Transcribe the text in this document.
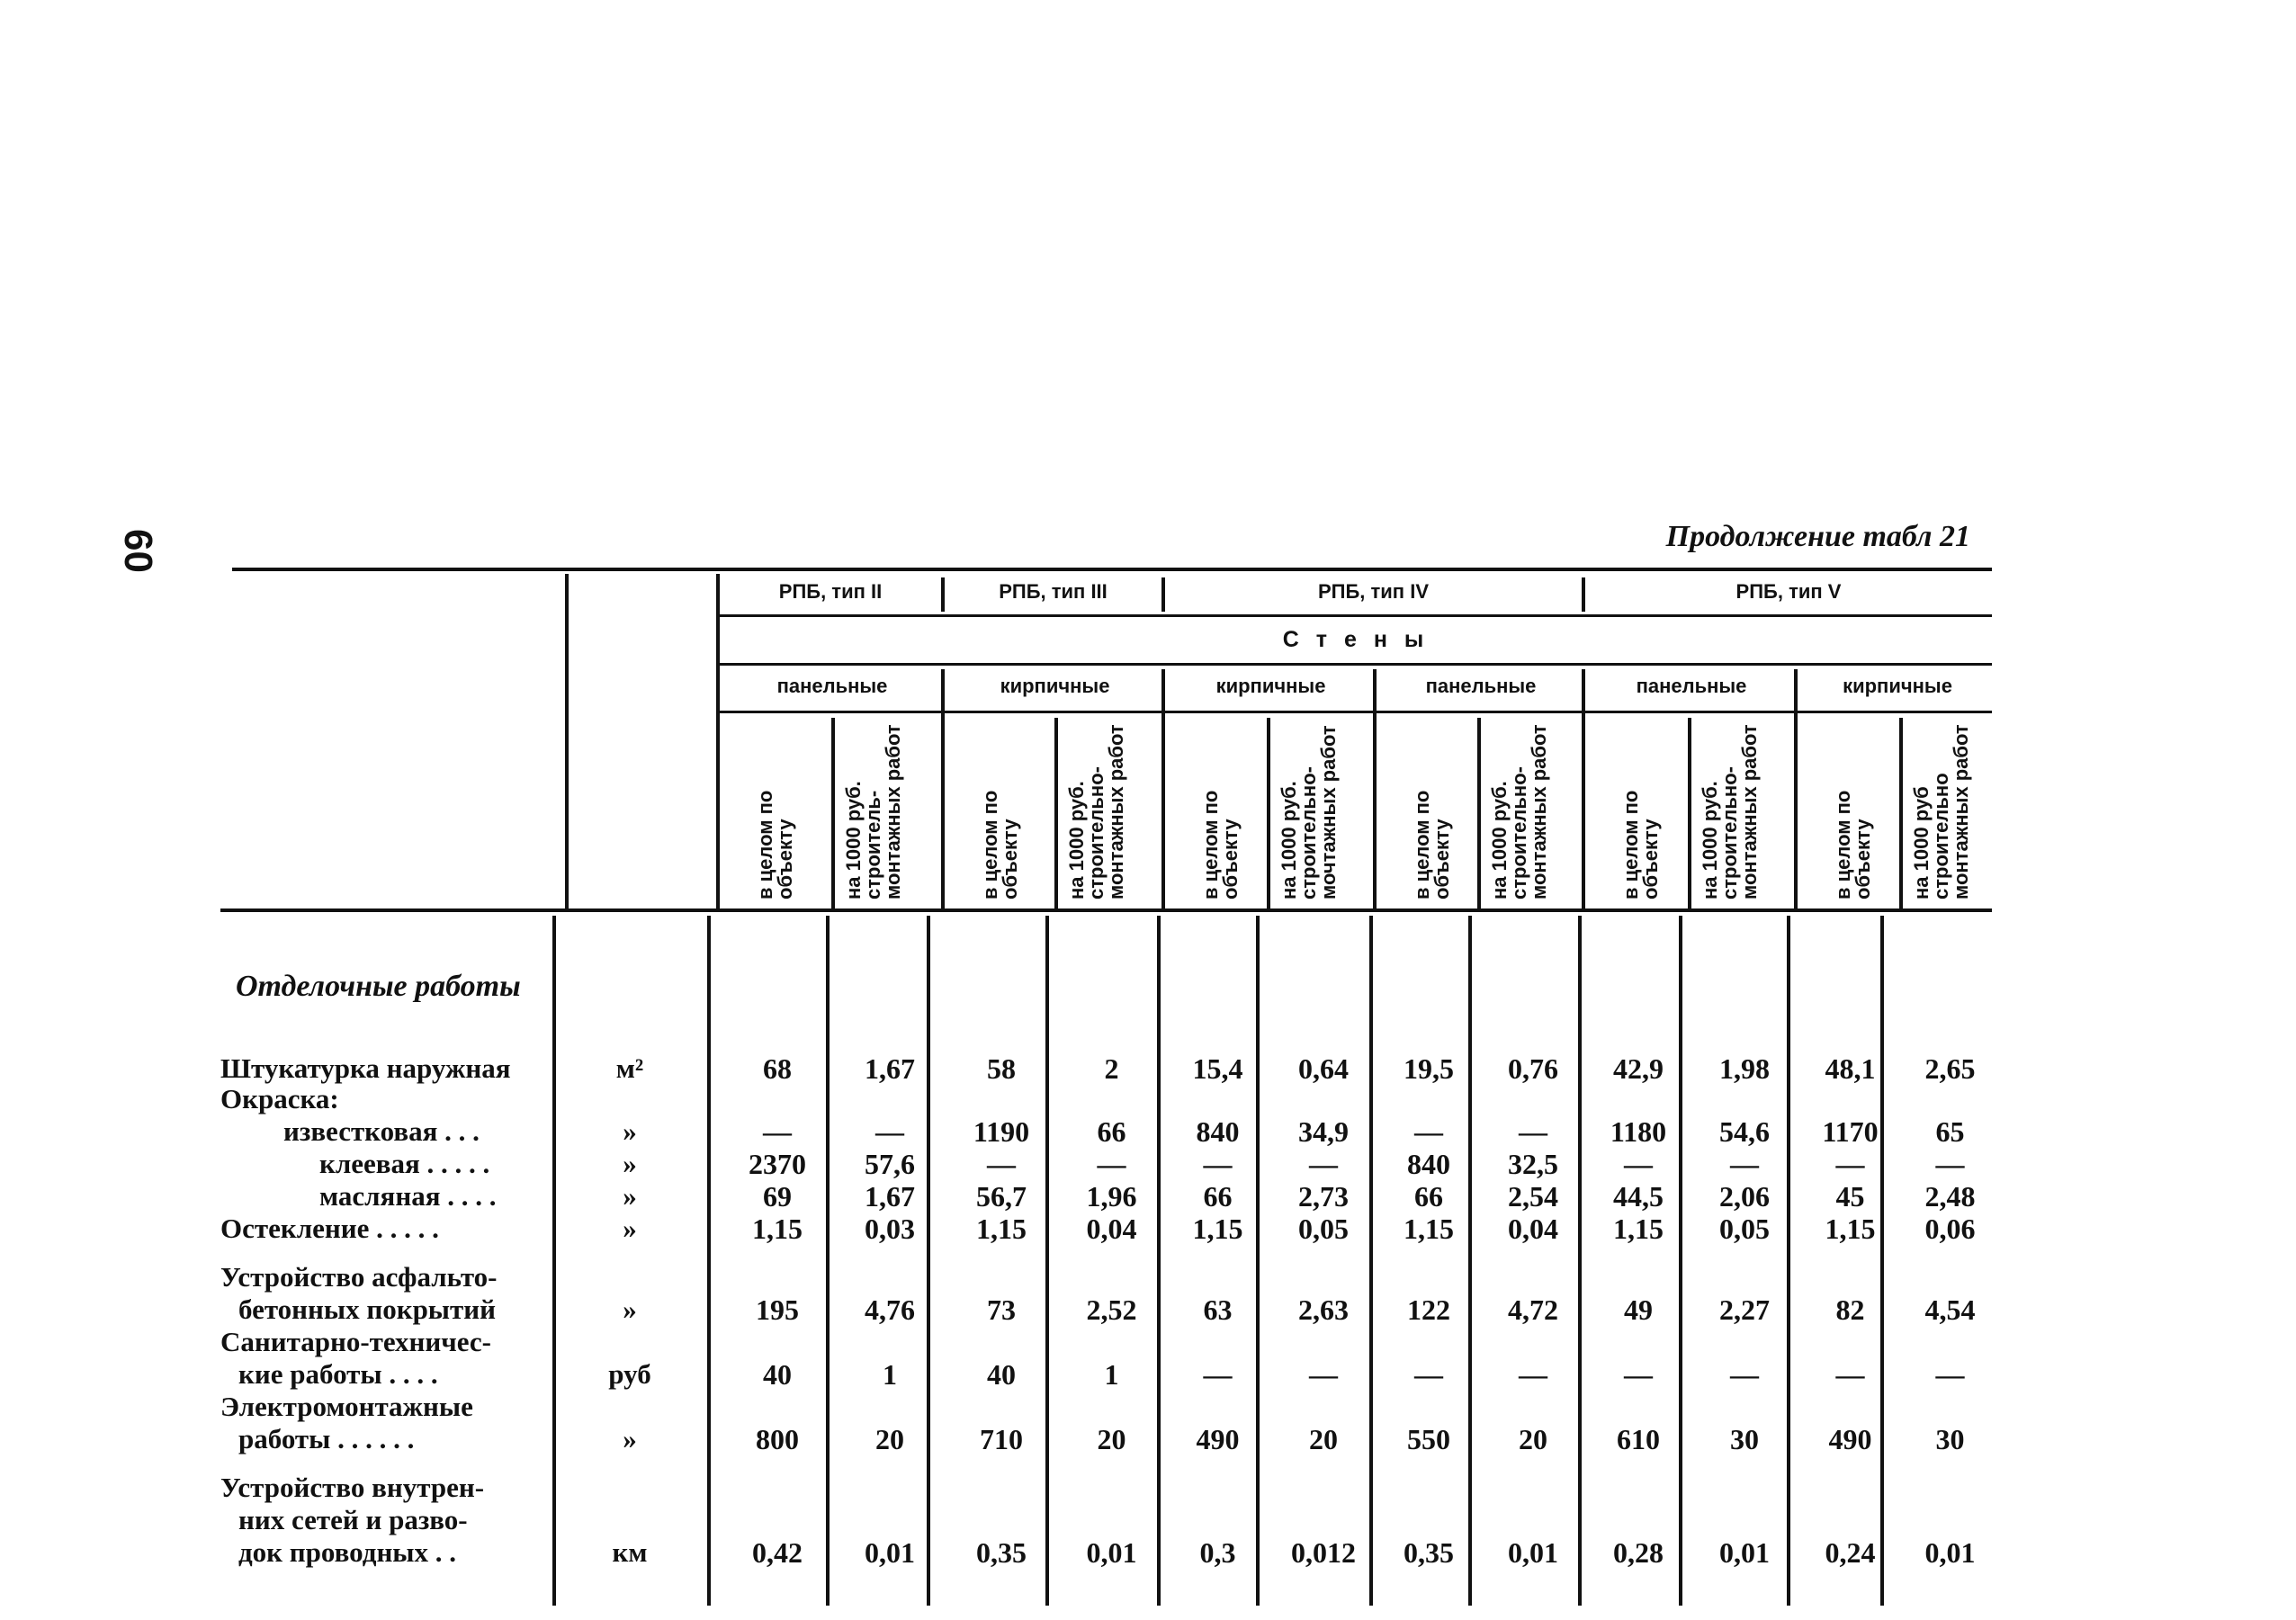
60	Продолжение табл 21
РПБ, тип II	РПБ, тип III	РПБ, тип IV	РПБ, тип V
С т е н ы
панельные	кирпичные	кирпичные	панельные	панельные	кирпичные
в целом по объекту на 1000 руб. строитель- монтажных работ	в целом по объекту на 1000 руб. строительно- монтажных работ	в целом по объекту на 1000 руб. строительно- мочтажных работ	в целом по объекту на 1000 руб. строительно- монтажных работ	в целом по объекту на 1000 руб. строительно- монтажных работ	в целом по объекту на 1000 руб строительно монтажных работ
Отделочные работы
Штукатурка наружная	м²	68	1,67	58	2	15,4	0,64	19,5	0,76	42,9	1,98	48,1	2,65
Окраска:
известковая . . .	»	—	—	1190	66	840	34,9	—	—	1180	54,6	1170	65
клеевая . . . . .	»	2370	57,6	—	—	—	—	840	32,5	—	—	—	—
масляная . . . .	»	69	1,67	56,7	1,96	66	2,73	66	2,54	44,5	2,06	45	2,48
Остекление . . . . .	»	1,15	0,03	1,15	0,04	1,15	0,05	1,15	0,04	1,15	0,05	1,15	0,06
Устройство асфальто-
бетонных покрытий	»	195	4,76	73	2,52	63	2,63	122	4,72	49	2,27	82	4,54
Санитарно-техничес-
кие работы . . . .	руб	40	1	40	1	—	—	—	—	—	—	—	—
Электромонтажные
работы . . . . . .	»	800	20	710	20	490	20	550	20	610	30	490	30
Устройство внутрен-
них сетей и разво-
док проводных . .	км	0,42	0,01	0,35	0,01	0,3	0,012	0,35	0,01	0,28	0,01	0,24	0,01
